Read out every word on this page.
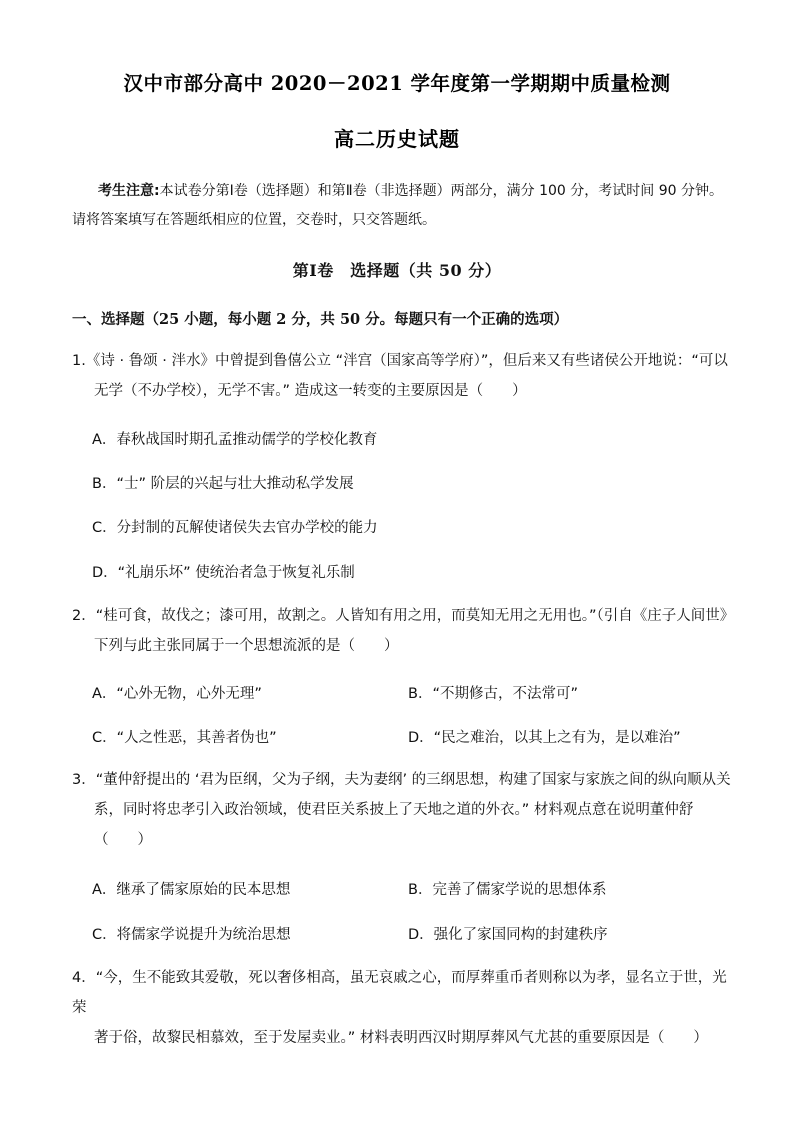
汉中市部分高中 2020－2021 学年度第一学期期中质量检测
高二历史试题
考生注意:本试卷分第Ⅰ卷（选择题）和第Ⅱ卷（非选择题）两部分，满分 100 分，考试时间 90 分钟。
请将答案填写在答题纸相应的位置，交卷时，只交答题纸。
第Ⅰ卷　选择题（共 50 分）
一、选择题（25 小题，每小题 2 分，共 50 分。每题只有一个正确的选项）
1.《诗 · 鲁颂 · 泮水》中曾提到鲁僖公立 “泮宫（国家高等学府）”，但后来又有些诸侯公开地说：“可以
无学（不办学校），无学不害。” 造成这一转变的主要原因是（　　）
A．春秋战国时期孔孟推动儒学的学校化教育
B．“士” 阶层的兴起与壮大推动私学发展
C．分封制的瓦解使诸侯失去官办学校的能力
D．“礼崩乐坏” 使统治者急于恢复礼乐制
2．“桂可食，故伐之；漆可用，故割之。人皆知有用之用，而莫知无用之无用也。”（引自《庄子人间世》
下列与此主张同属于一个思想流派的是（　　）
A．“心外无物，心外无理”	B．“不期修古，不法常可”
C．“人之性恶，其善者伪也”	D．“民之难治，以其上之有为，是以难治”
3．“董仲舒提出的 ‘君为臣纲，父为子纲，夫为妻纲’ 的三纲思想，构建了国家与家族之间的纵向顺从关
系，同时将忠孝引入政治领域，使君臣关系披上了天地之道的外衣。” 材料观点意在说明董仲舒
（　　）
A．继承了儒家原始的民本思想	B．完善了儒家学说的思想体系
C．将儒家学说提升为统治思想	D．强化了家国同构的封建秩序
4．“今，生不能致其爱敬，死以奢侈相高，虽无哀戚之心，而厚葬重币者则称以为孝，显名立于世，光荣
著于俗，故黎民相慕效，至于发屋卖业。” 材料表明西汉时期厚葬风气尤甚的重要原因是（　　）
